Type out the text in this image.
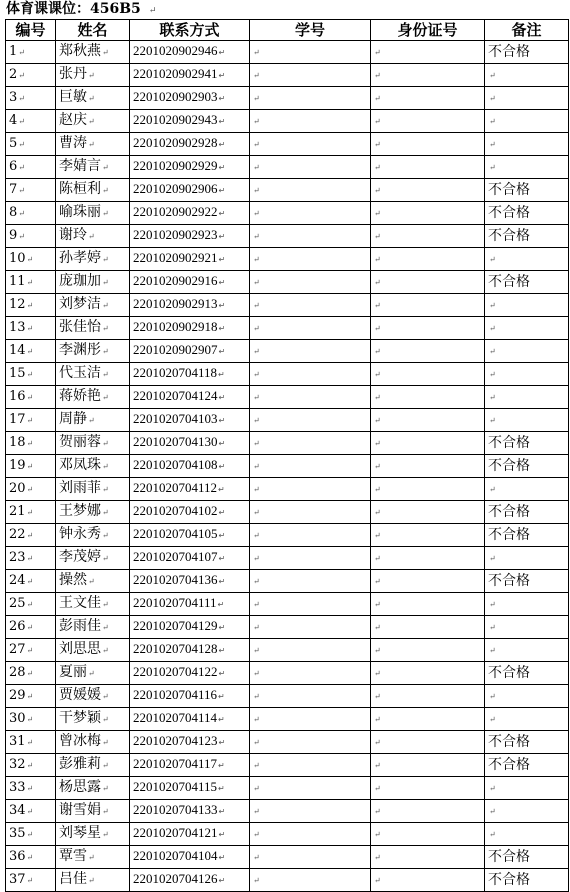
体育课课位：456B5 ↵
编号	姓名	联系方式	学号	身份证号	备注
1↵	郑秋燕↵	2201020902946↵	↵	↵	不合格
2↵	张丹↵	2201020902941↵	↵	↵	↵
3↵	巨敏↵	2201020902903↵	↵	↵	↵
4↵	赵庆↵	2201020902943↵	↵	↵	↵
5↵	曹涛↵	2201020902928↵	↵	↵	↵
6↵	李婧言↵	2201020902929↵	↵	↵	↵
7↵	陈桓利↵	2201020902906↵	↵	↵	不合格
8↵	喻珠丽↵	2201020902922↵	↵	↵	不合格
9↵	谢玲↵	2201020902923↵	↵	↵	不合格
10↵	孙孝婷↵	2201020902921↵	↵	↵	↵
11↵	庞珈加↵	2201020902916↵	↵	↵	不合格
12↵	刘梦洁↵	2201020902913↵	↵	↵	↵
13↵	张佳怡↵	2201020902918↵	↵	↵	↵
14↵	李渊彤↵	2201020902907↵	↵	↵	↵
15↵	代玉洁↵	2201020704118↵	↵	↵	↵
16↵	蒋娇艳↵	2201020704124↵	↵	↵	↵
17↵	周静↵	2201020704103↵	↵	↵	↵
18↵	贺丽蓉↵	2201020704130↵	↵	↵	不合格
19↵	邓凤珠↵	2201020704108↵	↵	↵	不合格
20↵	刘雨菲↵	2201020704112↵	↵	↵	↵
21↵	王梦娜↵	2201020704102↵	↵	↵	不合格
22↵	钟永秀↵	2201020704105↵	↵	↵	不合格
23↵	李茂婷↵	2201020704107↵	↵	↵	↵
24↵	操然↵	2201020704136↵	↵	↵	不合格
25↵	王文佳↵	2201020704111↵	↵	↵	↵
26↵	彭雨佳↵	2201020704129↵	↵	↵	↵
27↵	刘思思↵	2201020704128↵	↵	↵	↵
28↵	夏丽↵	2201020704122↵	↵	↵	不合格
29↵	贾媛媛↵	2201020704116↵	↵	↵	↵
30↵	干梦颖↵	2201020704114↵	↵	↵	↵
31↵	曾冰梅↵	2201020704123↵	↵	↵	不合格
32↵	彭雅莉↵	2201020704117↵	↵	↵	不合格
33↵	杨思露↵	2201020704115↵	↵	↵	↵
34↵	谢雪娟↵	2201020704133↵	↵	↵	↵
35↵	刘琴星↵	2201020704121↵	↵	↵	↵
36↵	覃雪↵	2201020704104↵	↵	↵	不合格
37↵	吕佳↵	2201020704126↵	↵	↵	不合格
